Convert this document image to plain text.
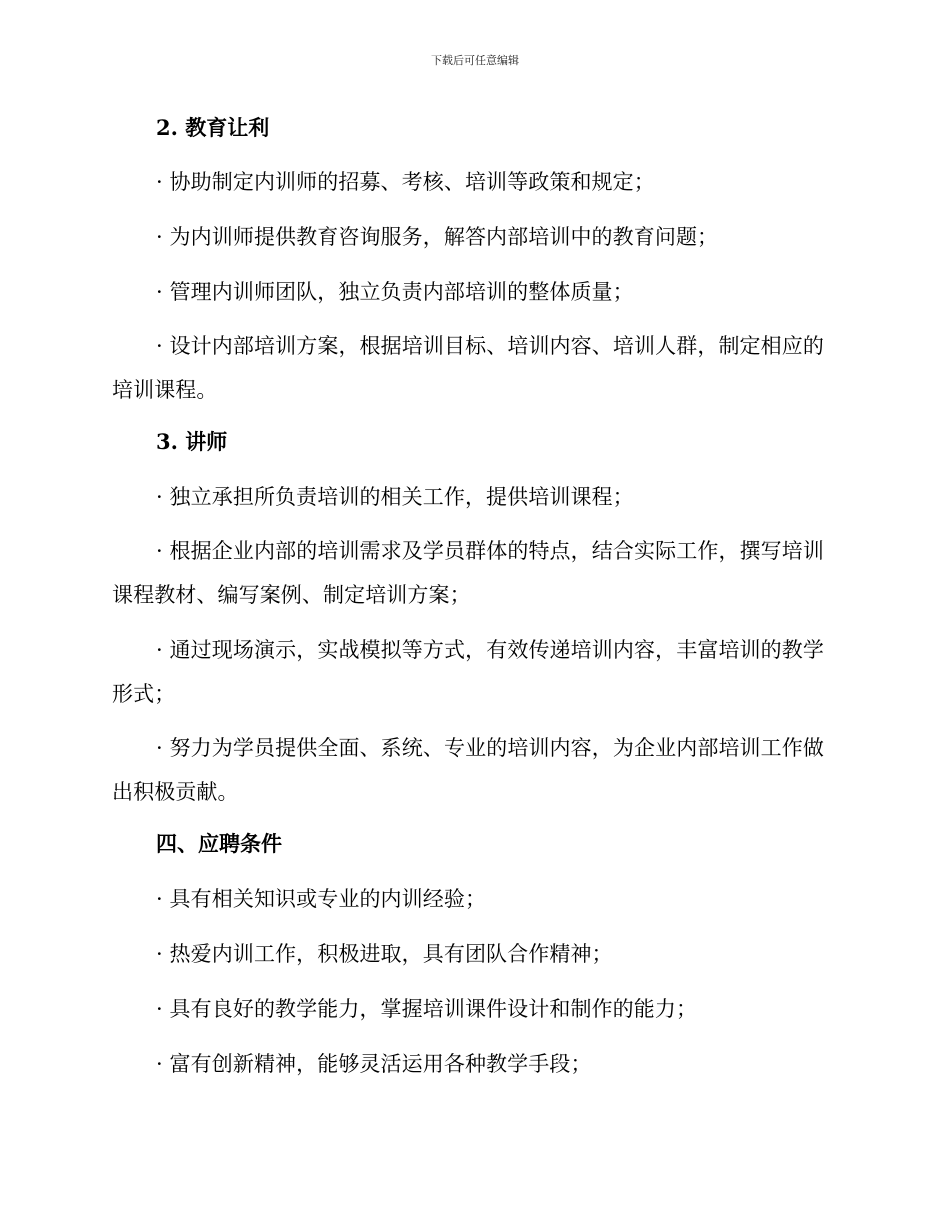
下载后可任意编辑
2. 教育让利
· 协助制定内训师的招募、考核、培训等政策和规定；
· 为内训师提供教育咨询服务，解答内部培训中的教育问题；
· 管理内训师团队，独立负责内部培训的整体质量；
· 设计内部培训方案，根据培训目标、培训内容、培训人群，制定相应的培训课程。
3. 讲师
· 独立承担所负责培训的相关工作，提供培训课程；
· 根据企业内部的培训需求及学员群体的特点，结合实际工作，撰写培训课程教材、编写案例、制定培训方案；
· 通过现场演示，实战模拟等方式，有效传递培训内容，丰富培训的教学形式；
· 努力为学员提供全面、系统、专业的培训内容，为企业内部培训工作做出积极贡献。
四、应聘条件
· 具有相关知识或专业的内训经验；
· 热爱内训工作，积极进取，具有团队合作精神；
· 具有良好的教学能力，掌握培训课件设计和制作的能力；
· 富有创新精神，能够灵活运用各种教学手段；
